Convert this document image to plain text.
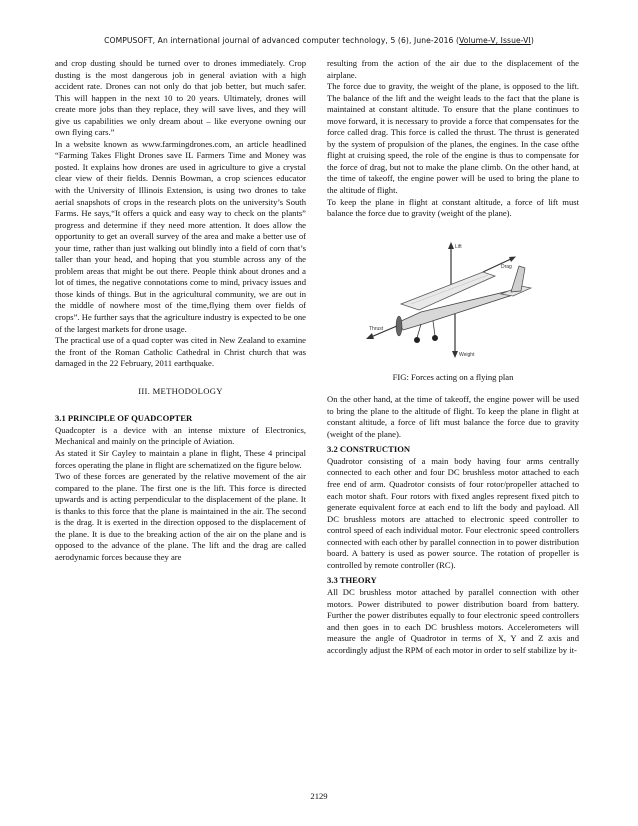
COMPUSOFT, An international journal of advanced computer technology, 5 (6), June-2016 (Volume-V, Issue-VI)

and crop dusting should be turned over to drones immediately. Crop dusting is the most dangerous job in general aviation with a high accident rate. Drones can not only do that job better, but much safer. This will happen in the next 10 to 20 years. Ultimately, drones will create more jobs than they replace, they will save lives, and they will give us capabilities we only dream about – like everyone owning our own flying cars.”

In a website known as www.farmingdrones.com, an article headlined “Farming Takes Flight Drones save IL Farmers Time and Money was posted. It explains how drones are used in agriculture to give a crystal clear view of their fields. Dennis Bowman, a crop sciences educator with the University of Illinois Extension, is using two drones to take aerial snapshots of crops in the research plots on the university’s South Farms. He says,“It offers a quick and easy way to check on the plants” progress and determine if they need more attention. It does allow the opportunity to get an overall survey of the area and make a better use of your time, rather than just walking out blindly into a field of corn that’s taller than your head, and hoping that you stumble across any of the problem areas that might be out there. People think about drones and a lot of times, the negative connotations come to mind, privacy issues and those kinds of things. But in the agricultural community, we are out in the middle of nowhere most of the time,flying them over fields of crops”. He further says that the agriculture industry is expected to be one of the largest markets for drone usage.

The practical use of a quad copter was cited in New Zealand to examine the front of the Roman Catholic Cathedral in Christ church that was damaged in the 22 February, 2011 earthquake.

III. METHODOLOGY

3.1 PRINCIPLE OF QUADCOPTER

Quadcopter is a device with an intense mixture of Electronics, Mechanical and mainly on the principle of Aviation.

As stated it Sir Cayley to maintain a plane in flight, These 4 principal forces operating the plane in flight are schematized on the figure below.

Two of these forces are generated by the relative movement of the air compared to the plane. The first one is the lift. This force is directed upwards and is acting perpendicular to the displacement of the plane. It is thanks to this force that the plane is maintained in the air. The second is the drag. It is exerted in the direction opposed to the displacement of the plane. It is due to the breaking action of the air on the plane and is opposed to the advance of the plane. The lift and the drag are called aerodynamic forces because they are

resulting from the action of the air due to the displacement of the airplane.

The force due to gravity, the weight of the plane, is opposed to the lift. The balance of the lift and the weight leads to the fact that the plane is maintained at constant altitude. To ensure that the plane continues to move forward, it is necessary to provide a force that compensates for the force called drag. This force is called the thrust. The thrust is generated by the system of propulsion of the planes, the engines. In the case ofthe flight at cruising speed, the role of the engine is thus to compensate for the force of drag, but not to make the plane climb. On the other hand, at the time of takeoff, the engine power will be used to bring the plane to the altitude of flight.

To keep the plane in flight at constant altitude, a force of lift must balance the force due to gravity (weight of the plane).

Lift
Drag
Thrust
Weight

FIG: Forces acting on a flying plan

On the other hand, at the time of takeoff, the engine power will be used to bring the plane to the altitude of flight. To keep the plane in flight at constant altitude, a force of lift must balance the force due to gravity (weight of the plane).

3.2 CONSTRUCTION

Quadrotor consisting of a main body having four arms centrally connected to each other and four DC brushless motor attached to each free end of arm. Quadrotor consists of four rotor/propeller attached to each motor shaft. Four rotors with fixed angles represent fixed pitch to generate equivalent force at each end to lift the body and payload. All DC brushless motors are attached to electronic speed controller to control speed of each individual motor. Four electronic speed controllers connected with each other by parallel connection in to power distribution board. A battery is used as power source. The rotation of propeller is controlled by remote controller (RC).

3.3 THEORY

All DC brushless motor attached by parallel connection with other motors. Power distributed to power distribution board from battery. Further the power distributes equally to four electronic speed controllers and then goes in to each DC brushless motors. Accelerometers will measure the angle of Quadrotor in terms of X, Y and Z axis and accordingly adjust the RPM of each motor in order to self stabilize by it-

2129
